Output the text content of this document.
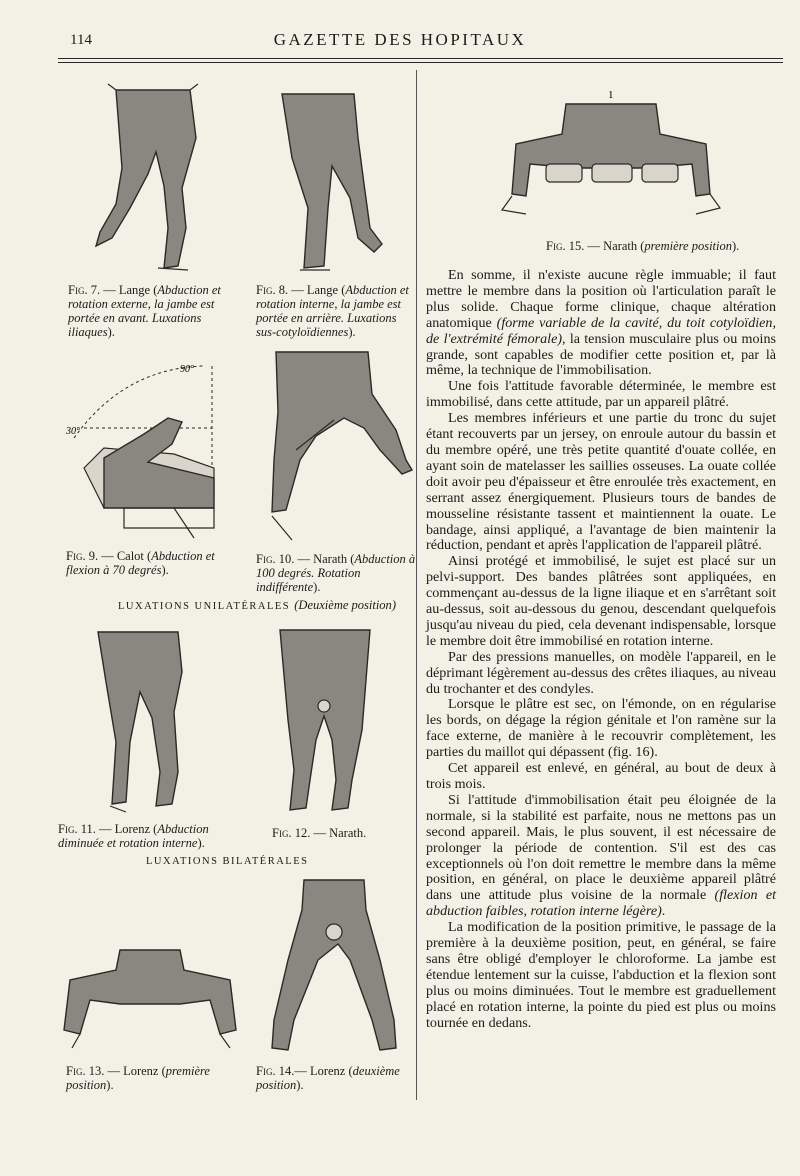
114	GAZETTE DES HOPITAUX
Fig. 7. — Lange (Abduction et rotation externe, la jambe est portée en avant. Luxations iliaques).
Fig. 8. — Lange (Abduction et rotation interne, la jambe est portée en arrière. Luxations sus-cotyloïdiennes).
90°
30°
Fig. 9. — Calot (Abduction et flexion à 70 degrés).
Fig. 10. — Narath (Abduction à 100 degrés. Rotation indifférente).
LUXATIONS UNILATÉRALES (Deuxième position)
Fig. 11. — Lorenz (Abduction diminuée et rotation interne).
Fig. 12. — Narath.
LUXATIONS BILATÉRALES
Fig. 13. — Lorenz (première position).
Fig. 14.— Lorenz (deuxième position).
1
Fig. 15. — Narath (première position).

En somme, il n'existe aucune règle immuable; il faut mettre le membre dans la position où l'articulation paraît le plus solide. Chaque forme clinique, chaque altération anatomique (forme variable de la cavité, du toit cotyloïdien, de l'extrémité fémorale), la tension musculaire plus ou moins grande, sont capables de modifier cette position et, par là même, la technique de l'immobilisation.

Une fois l'attitude favorable déterminée, le membre est immobilisé, dans cette attitude, par un appareil plâtré.

Les membres inférieurs et une partie du tronc du sujet étant recouverts par un jersey, on enroule autour du bassin et du membre opéré, une très petite quantité d'ouate collée, en ayant soin de matelasser les saillies osseuses. La ouate collée doit avoir peu d'épaisseur et être enroulée très exactement, en serrant assez énergiquement. Plusieurs tours de bandes de mousseline résistante tassent et maintiennent la ouate. Le bandage, ainsi appliqué, a l'avantage de bien maintenir la réduction, pendant et après l'application de l'appareil plâtré.

Ainsi protégé et immobilisé, le sujet est placé sur un pelvi-support. Des bandes plâtrées sont appliquées, en commençant au-dessus de la ligne iliaque et en s'arrêtant soit au-dessus, soit au-dessous du genou, descendant quelquefois jusqu'au niveau du pied, cela devenant indispensable, lorsque le membre doit être immobilisé en rotation interne.

Par des pressions manuelles, on modèle l'appareil, en le déprimant légèrement au-dessus des crêtes iliaques, au niveau du trochanter et des condyles.

Lorsque le plâtre est sec, on l'émonde, on en régularise les bords, on dégage la région génitale et l'on ramène sur la face externe, de manière à le recouvrir complètement, les parties du maillot qui dépassent (fig. 16).

Cet appareil est enlevé, en général, au bout de deux à trois mois.

Si l'attitude d'immobilisation était peu éloignée de la normale, si la stabilité est parfaite, nous ne mettons pas un second appareil. Mais, le plus souvent, il est nécessaire de prolonger la période de contention. S'il est des cas exceptionnels où l'on doit remettre le membre dans la même position, en général, on place le deuxième appareil plâtré dans une attitude plus voisine de la normale (flexion et abduction faibles, rotation interne légère).

La modification de la position primitive, le passage de la première à la deuxième position, peut, en général, se faire sans être obligé d'employer le chloroforme. La jambe est étendue lentement sur la cuisse, l'abduction et la flexion sont plus ou moins diminuées. Tout le membre est graduellement placé en rotation interne, la pointe du pied est plus ou moins tournée en dedans.
